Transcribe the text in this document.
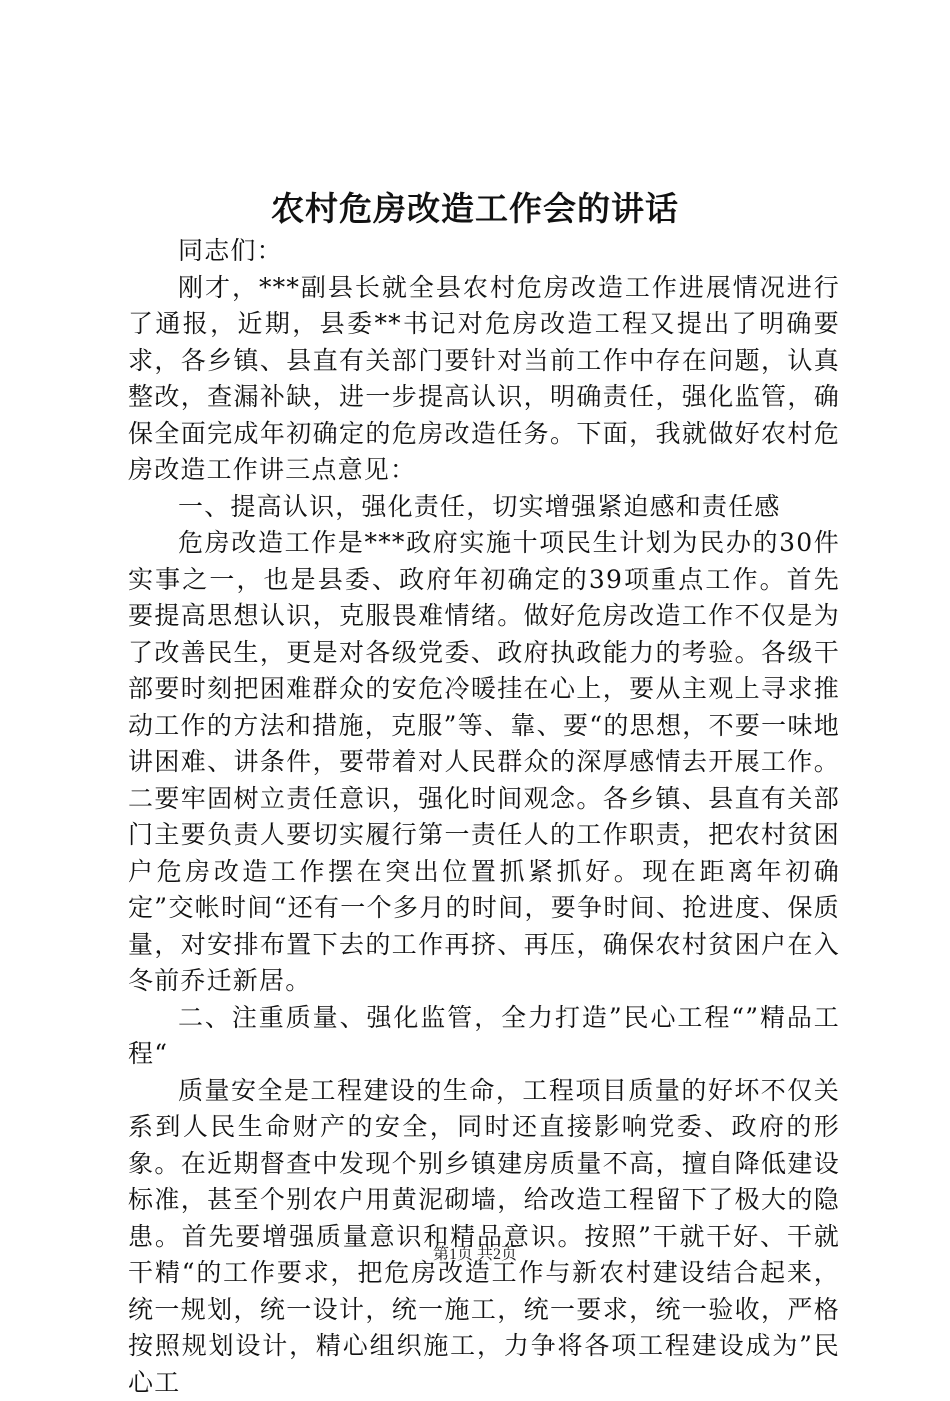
农村危房改造工作会的讲话

同志们：

刚才，***副县长就全县农村危房改造工作进展情况进行了通报，近期，县委**书记对危房改造工程又提出了明确要求，各乡镇、县直有关部门要针对当前工作中存在问题，认真整改，查漏补缺，进一步提高认识，明确责任，强化监管，确保全面完成年初确定的危房改造任务。下面，我就做好农村危房改造工作讲三点意见：

一、提高认识，强化责任，切实增强紧迫感和责任感

危房改造工作是***政府实施十项民生计划为民办的30件实事之一，也是县委、政府年初确定的39项重点工作。首先要提高思想认识，克服畏难情绪。做好危房改造工作不仅是为了改善民生，更是对各级党委、政府执政能力的考验。各级干部要时刻把困难群众的安危冷暖挂在心上，要从主观上寻求推动工作的方法和措施，克服”等、靠、要“的思想，不要一味地讲困难、讲条件，要带着对人民群众的深厚感情去开展工作。二要牢固树立责任意识，强化时间观念。各乡镇、县直有关部门主要负责人要切实履行第一责任人的工作职责，把农村贫困户危房改造工作摆在突出位置抓紧抓好。现在距离年初确定”交帐时间“还有一个多月的时间，要争时间、抢进度、保质量，对安排布置下去的工作再挤、再压，确保农村贫困户在入冬前乔迁新居。

二、注重质量、强化监管，全力打造”民心工程“”精品工程“

质量安全是工程建设的生命，工程项目质量的好坏不仅关系到人民生命财产的安全，同时还直接影响党委、政府的形象。在近期督查中发现个别乡镇建房质量不高，擅自降低建设标准，甚至个别农户用黄泥砌墙，给改造工程留下了极大的隐患。首先要增强质量意识和精品意识。按照”干就干好、干就干精“的工作要求，把危房改造工作与新农村建设结合起来，统一规划，统一设计，统一施工，统一要求，统一验收，严格按照规划设计，精心组织施工，力争将各项工程建设成为”民心工

第1页 共2页
